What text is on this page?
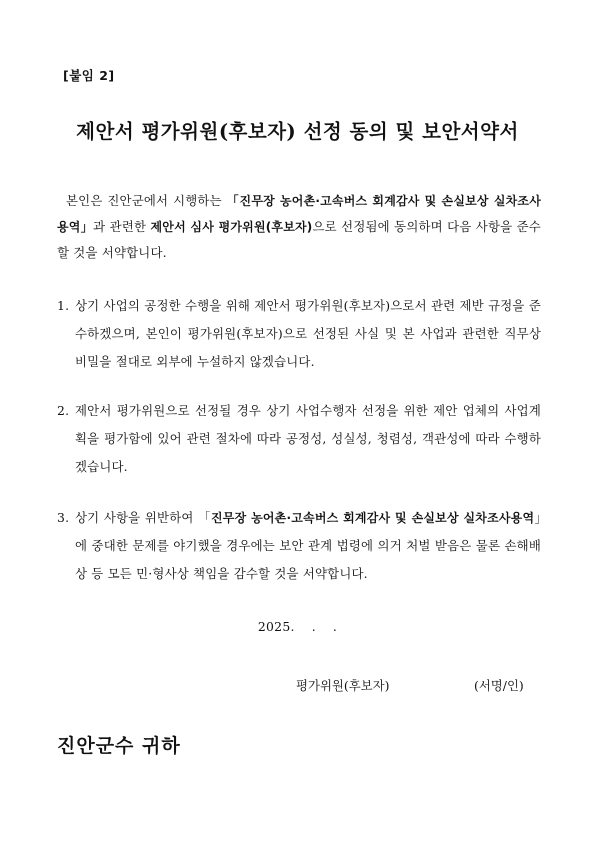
[붙임 2]
제안서 평가위원(후보자) 선정 동의 및 보안서약서
본인은 진안군에서 시행하는 「진무장 농어촌·고속버스 회계감사 및 손실보상 실차조사용역」과 관련한 제안서 심사 평가위원(후보자)으로 선정됨에 동의하며 다음 사항을 준수할 것을 서약합니다.
1. 상기 사업의 공정한 수행을 위해 제안서 평가위원(후보자)으로서 관련 제반 규정을 준수하겠으며, 본인이 평가위원(후보자)으로 선정된 사실 및 본 사업과 관련한 직무상 비밀을 절대로 외부에 누설하지 않겠습니다.
2. 제안서 평가위원으로 선정될 경우 상기 사업수행자 선정을 위한 제안 업체의 사업계획을 평가함에 있어 관련 절차에 따라 공정성, 성실성, 청렴성, 객관성에 따라 수행하겠습니다.
3. 상기 사항을 위반하여 「진무장 농어촌·고속버스 회계감사 및 손실보상 실차조사용역」에 중대한 문제를 야기했을 경우에는 보안 관계 법령에 의거 처벌 받음은 물론 손해배상 등 모든 민·형사상 책임을 감수할 것을 서약합니다.
2025.    .    .
평가위원(후보자)	(서명/인)
진안군수 귀하
